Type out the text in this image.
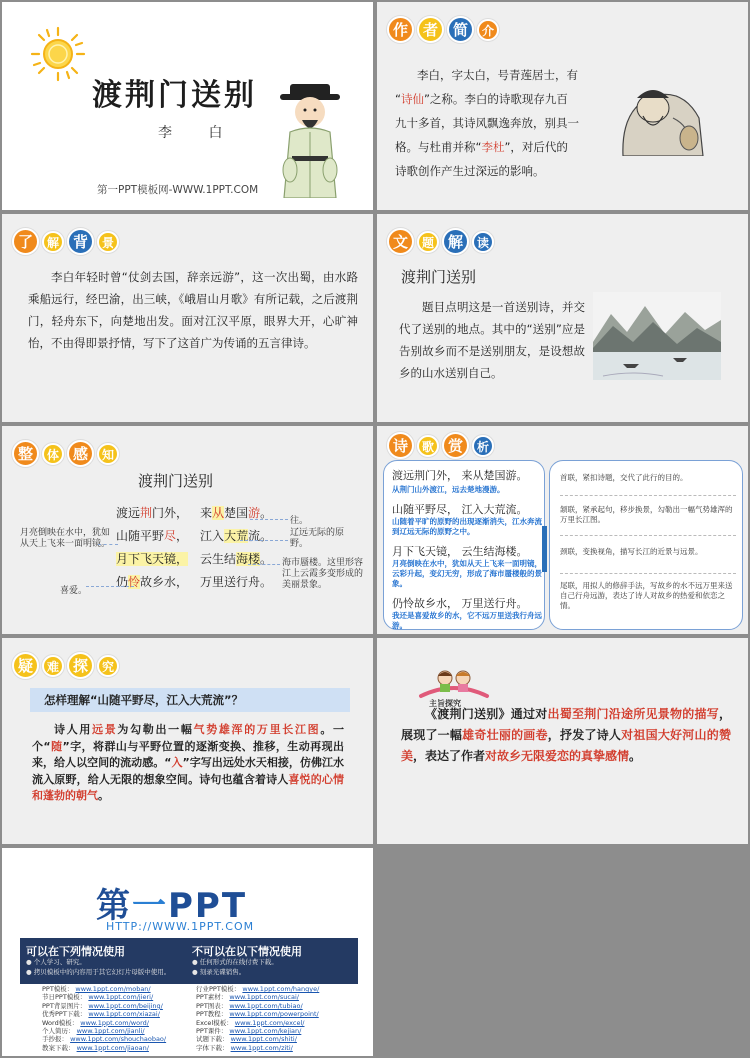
渡荆门送别
李 白
第一PPT模板网-WWW.1PPT.COM
作 者 简	介
李白，字太白，号青莲居士，有
“诗仙”之称。李白的诗歌现存九百
九十多首，其诗风飘逸奔放，别具一
格。与杜甫并称“李杜”，对后代的
诗歌创作产生过深远的影响。
了	解 背	景
李白年轻时曾“仗剑去国，辞亲远游”，这一次出蜀，由水路乘船远行，经巴渝，出三峡，《峨眉山月歌》有所记载，之后渡荆门，轻舟东下，向楚地出发。面对江汉平原，眼界大开，心旷神怡，不由得即景抒情，写下了这首广为传诵的五言律诗。
文	题 解	读
渡荆门送别
题目点明这是一首送别诗，并交代了送别的地点。其中的“送别”应是告别故乡而不是送别朋友，是设想故乡的山水送别自己。
整	体 感	知
渡荆门送别
渡远荆门外， 来从楚国游。
山随平野尽， 江入大荒流。
月下飞天镜， 云生结海楼。
仍怜故乡水， 万里送行舟。
月亮倒映在水中，犹如从天上飞来一面明镜。
喜爱。
往。
辽远无际的原野。
海市蜃楼。这里形容江上云霞多变形成的美丽景象。
诗	歌 赏	析
渡远荆门外， 来从楚国游。
从荆门山外渡江，远去楚地漫游。
山随平野尽， 江入大荒流。
山随着平旷的原野的出现逐渐消失，江水奔流到辽远无际的原野之中。
月下飞天镜， 云生结海楼。
月亮倒映在水中，犹如从天上飞来一面明镜，云彩升起，变幻无穷，形成了海市蜃楼般的景象。
仍怜故乡水， 万里送行舟。
我还是喜爱故乡的水，它不远万里送我行舟远游。
首联，紧扣诗题，交代了此行的目的。
颔联，紧承起句，移步换景，勾勒出一幅气势雄浑的万里长江图。
颈联，变换视角，描写长江的近景与远景。
尾联，用拟人的修辞手法，写故乡的水不远万里来送自己行舟远游，表达了诗人对故乡的热爱和依恋之情。
疑	难 探	究
怎样理解“山随平野尽，江入大荒流”？
诗人用远景为勾勒出一幅气势雄浑的万里长江图。一个“随”字，将群山与平野位置的逐渐变换、推移，生动再现出来，给人以空间的流动感。“入”字写出远处水天相接，仿佛江水流入原野，给人无限的想象空间。诗句也蕴含着诗人喜悦的心情和蓬勃的朝气。
主旨探究
《渡荆门送别》通过对出蜀至荆门沿途所见景物的描写，展现了一幅雄奇壮丽的画卷，抒发了诗人对祖国大好河山的赞美，表达了作者对故乡无限爱恋的真挚感情。
第一PPT
HTTP://WWW.1PPT.COM
可以在下列情况使用
● 个人学习、研究。
● 拷贝模板中的内容用于其它幻灯片母版中使用。
不可以在以下情况使用
● 任何形式的在线付费下载。
● 刻录光碟销售。
PPT模板： www.1ppt.com/moban/
节日PPT模板： www.1ppt.com/jieri/
PPT背景图片： www.1ppt.com/beijing/
优秀PPT下载： www.1ppt.com/xiazai/
Word模板： www.1ppt.com/word/
个人简历： www.1ppt.com/jianli/
手抄报： www.1ppt.com/shouchaobao/
教案下载： www.1ppt.com/jiaoan/
行业PPT模板： www.1ppt.com/hangye/
PPT素材： www.1ppt.com/sucai/
PPT图表： www.1ppt.com/tubiao/
PPT教程： www.1ppt.com/powerpoint/
Excel模板： www.1ppt.com/excel/
PPT课件： www.1ppt.com/kejian/
试题下载： www.1ppt.com/shiti/
字体下载： www.1ppt.com/ziti/
